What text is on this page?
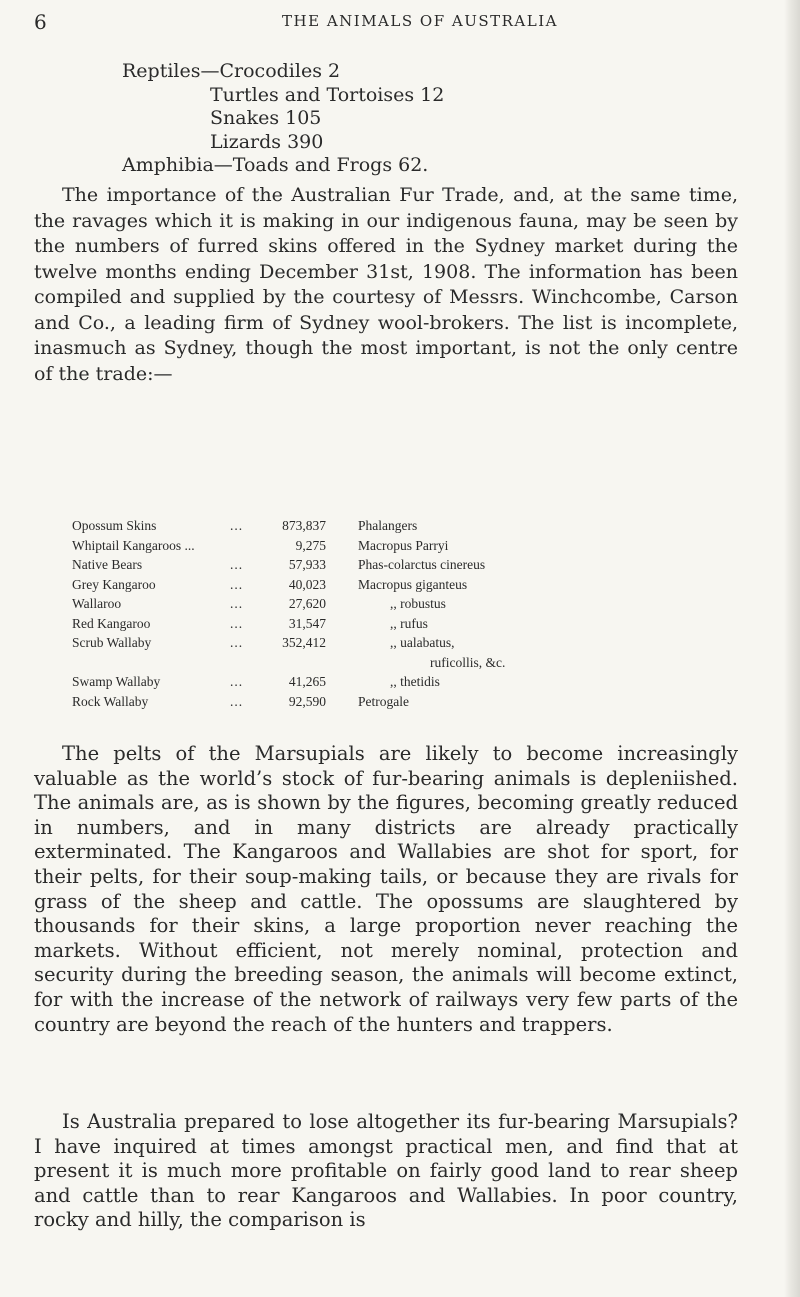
6	THE ANIMALS OF AUSTRALIA
Reptiles—Crocodiles 2
Turtles and Tortoises 12
Snakes 105
Lizards 390
Amphibia—Toads and Frogs 62.

The importance of the Australian Fur Trade, and, at the same time, the ravages which it is making in our indigenous fauna, may be seen by the numbers of furred skins offered in the Sydney market during the twelve months ending December 31st, 1908. The information has been compiled and supplied by the courtesy of Messrs. Winchcombe, Carson and Co., a leading firm of Sydney wool-brokers. The list is incomplete, inasmuch as Sydney, though the most important, is not the only centre of the trade:—

Opossum Skins	...	873,837 Phalangers
Whiptail Kangaroos ...	9,275 Macropus Parryi
Native Bears	...	57,933 Phas-colarctus cinereus
Grey Kangaroo	...	40,023 Macropus giganteus
Wallaroo	...	27,620	,, robustus
Red Kangaroo	...	31,547	,, rufus
Scrub Wallaby	...	352,412	,, ualabatus,
ruficollis, &c.
Swamp Wallaby	...	41,265	,, thetidis
Rock Wallaby	...	92,590 Petrogale

The pelts of the Marsupials are likely to become increasingly valuable as the world’s stock of fur-bearing animals is depleniished. The animals are, as is shown by the figures, becoming greatly reduced in numbers, and in many districts are already practically exterminated. The Kangaroos and Wallabies are shot for sport, for their pelts, for their soup-making tails, or because they are rivals for grass of the sheep and cattle. The opossums are slaughtered by thousands for their skins, a large proportion never reaching the markets. Without efficient, not merely nominal, protection and security during the breeding season, the animals will become extinct, for with the increase of the network of railways very few parts of the country are beyond the reach of the hunters and trappers.

Is Australia prepared to lose altogether its fur-bearing Marsupials? I have inquired at times amongst practical men, and find that at present it is much more profitable on fairly good land to rear sheep and cattle than to rear Kangaroos and Wallabies. In poor country, rocky and hilly, the comparison is
